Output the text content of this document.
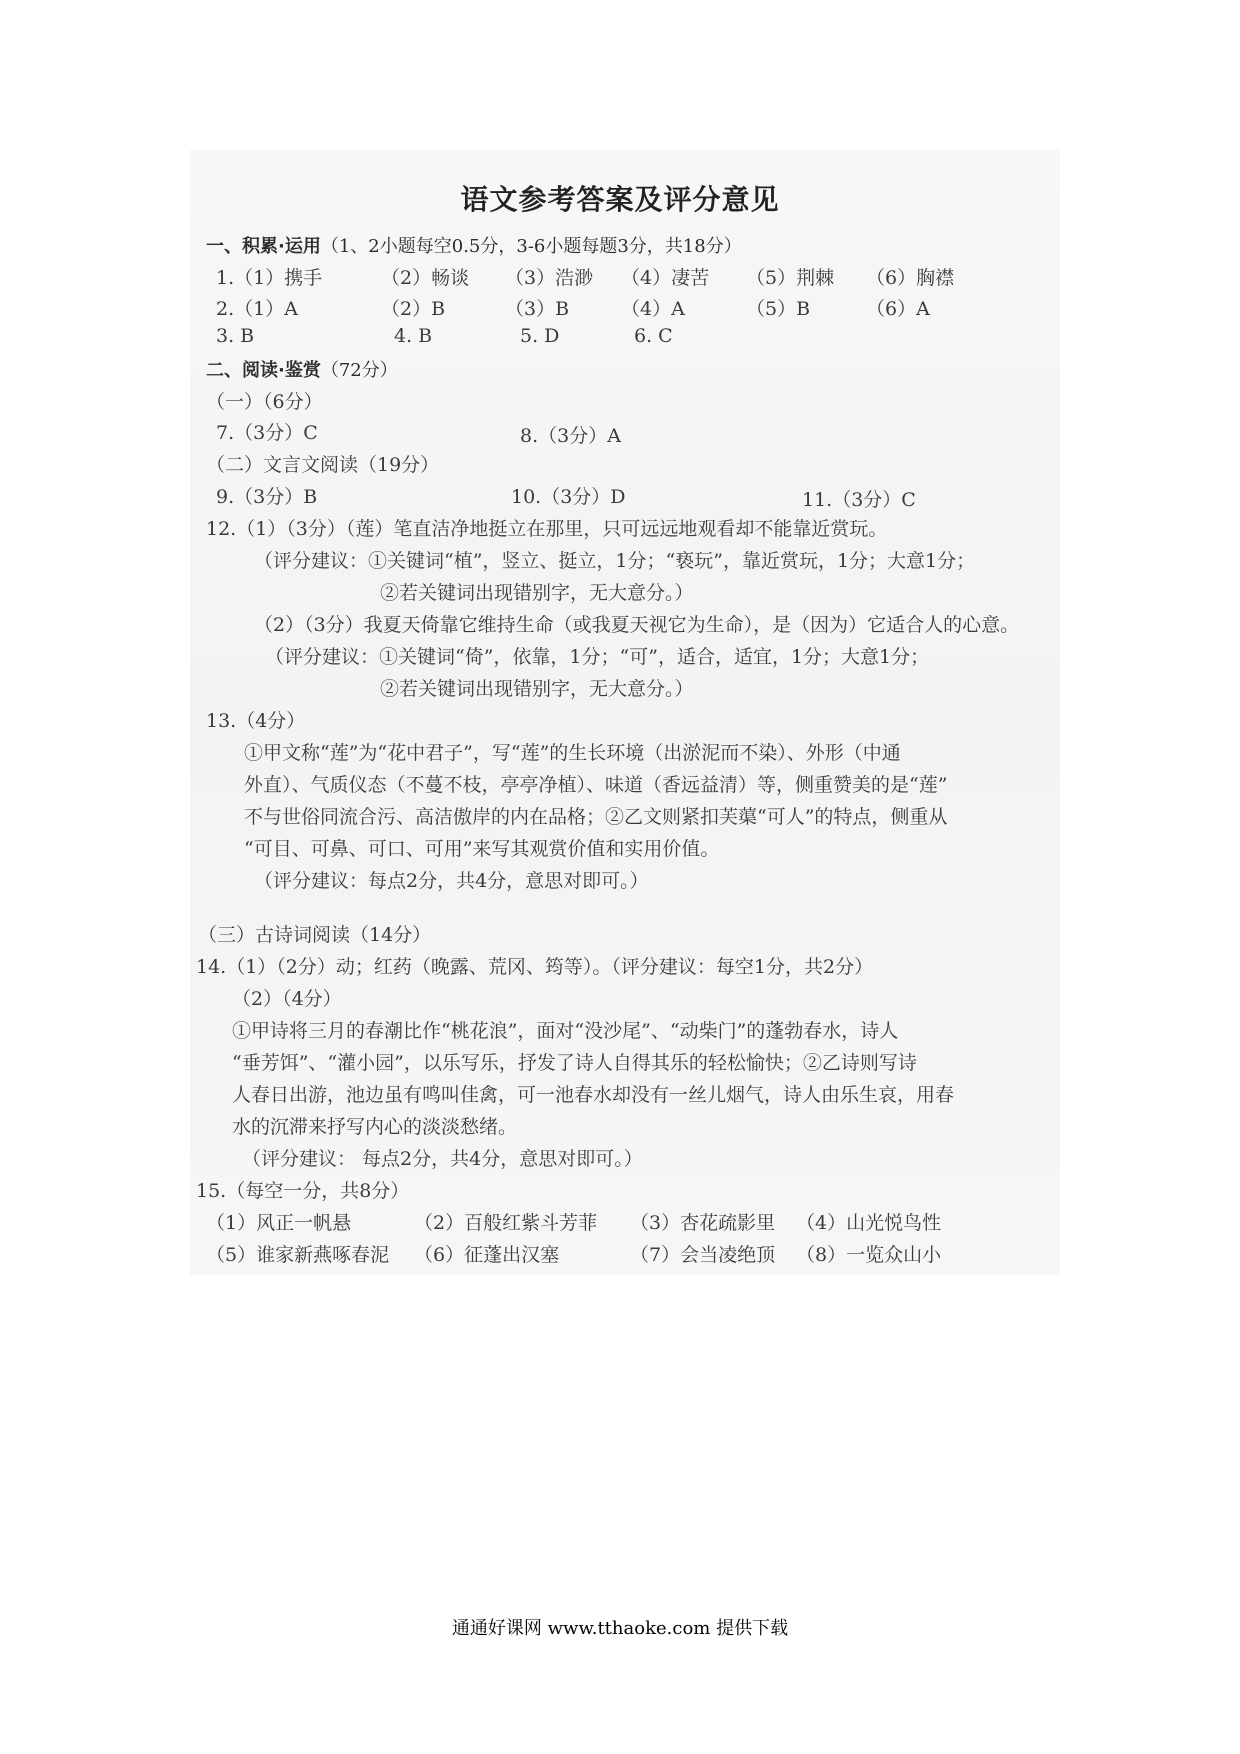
语文参考答案及评分意见
一、积累·运用（1、2小题每空0.5分，3-6小题每题3分，共18分）
1.（1）携手	（2）畅谈 （3）浩渺 （4）凄苦 （5）荆棘 （6）胸襟
2.（1）A	（2）B	（3）B	（4）A	（5）B	（6）A
3. B	4. B	5. D	6. C
二、阅读·鉴赏（72分）
（一）（6分）
7.（3分）C	8.（3分）A
（二）文言文阅读（19分）
9.（3分）B	10.（3分）D	11.（3分）C
12.（1）（3分）（莲）笔直洁净地挺立在那里，只可远远地观看却不能靠近赏玩。
（评分建议：①关键词“植”，竖立、挺立，1分；“亵玩”，靠近赏玩，1分；大意1分；
②若关键词出现错别字，无大意分。）
（2）（3分）我夏天倚靠它维持生命（或我夏天视它为生命），是（因为）它适合人的心意。
（评分建议：①关键词“倚”，依靠，1分；“可”，适合，适宜，1分；大意1分；
②若关键词出现错别字，无大意分。）
13.（4分）
①甲文称“莲”为“花中君子”，写“莲”的生长环境（出淤泥而不染）、外形（中通
外直）、气质仪态（不蔓不枝，亭亭净植）、味道（香远益清）等，侧重赞美的是“莲”
不与世俗同流合污、高洁傲岸的内在品格；②乙文则紧扣芙蕖“可人”的特点，侧重从
“可目、可鼻、可口、可用”来写其观赏价值和实用价值。
（评分建议：每点2分，共4分，意思对即可。）
（三）古诗词阅读（14分）
14.（1）（2分）动；红药（晚露、荒冈、筠等）。（评分建议：每空1分，共2分）
（2）（4分）
①甲诗将三月的春潮比作“桃花浪”，面对“没沙尾”、“动柴门”的蓬勃春水，诗人
“垂芳饵”、“灌小园”，以乐写乐，抒发了诗人自得其乐的轻松愉快；②乙诗则写诗
人春日出游，池边虽有鸣叫佳禽，可一池春水却没有一丝儿烟气，诗人由乐生哀，用春
水的沉滞来抒写内心的淡淡愁绪。
（评分建议： 每点2分，共4分，意思对即可。）
15.（每空一分，共8分）
（1）风正一帆悬	（2）百般红紫斗芳菲 （3）杏花疏影里 （4）山光悦鸟性
（5）谁家新燕啄春泥 （6）征蓬出汉塞	（7）会当凌绝顶 （8）一览众山小
通通好课网 www.tthaoke.com 提供下载
